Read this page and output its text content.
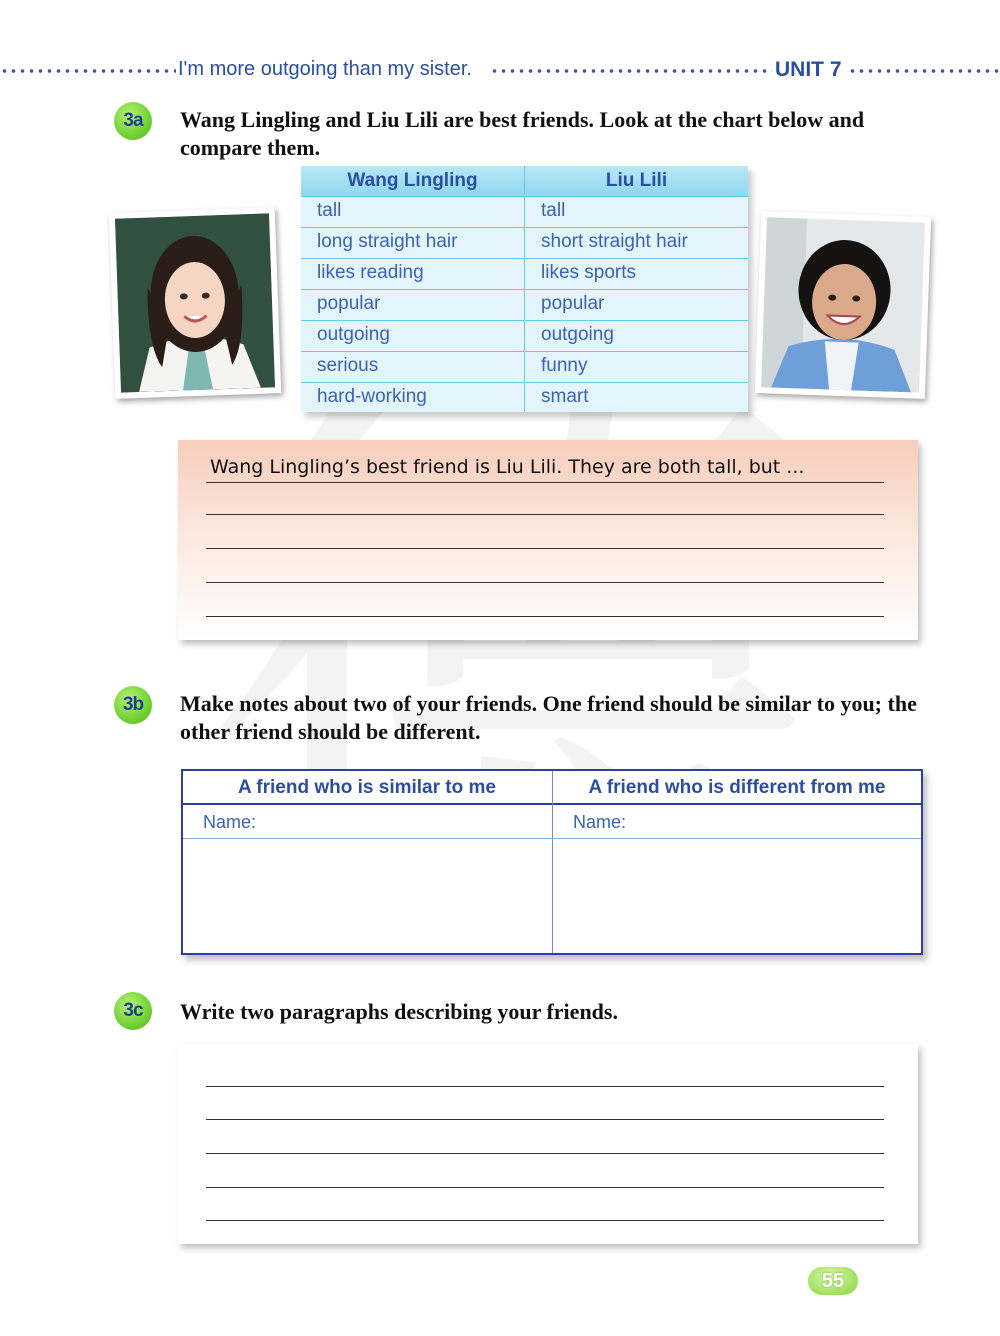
I'm more outgoing than my sister.	UNIT 7
3a	Wang Lingling and Liu Lili are best friends. Look at the chart below and compare them.
Wang Lingling	Liu Lili
tall	tall
long straight hair	short straight hair
likes reading	likes sports
popular	popular
outgoing	outgoing
serious	funny
hard-working	smart
Wang Lingling’s best friend is Liu Lili. They are both tall, but ...
3b	Make notes about two of your friends. One friend should be similar to you; the other friend should be different.
A friend who is similar to me	A friend who is different from me
Name:	Name:
3c	Write two paragraphs describing your friends.
55
